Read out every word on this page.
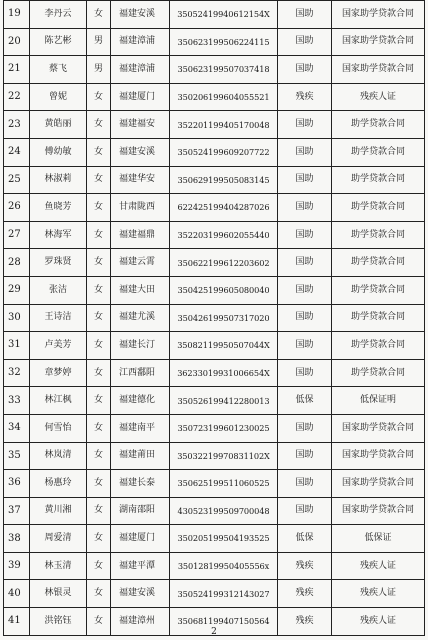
19	李丹云	女	福建安溪	35052419940612154X	国助	国家助学贷款合同
20	陈艺彬	男	福建漳浦	350623199506224115	国助	国家助学贷款合同
21	蔡飞	男	福建漳浦	350623199507037418	国助	国家助学贷款合同
22	曾妮	女	福建厦门	350206199604055521	残疾	残疾人证
23	黄皓丽	女	福建福安	352201199405170048	国助	助学贷款合同
24	傅幼敏	女	福建安溪	350524199609207722	国助	助学贷款合同
25	林淑莉	女	福建华安	350629199505083145	国助	助学贷款合同
26	鱼晓芳	女	甘肃陇西	622425199404287026	国助	助学贷款合同
27	林海军	女	福建福鼎	352203199602055440	国助	助学贷款合同
28	罗珠贤	女	福建云霄	350622199612203602	国助	助学贷款合同
29	张洁	女	福建大田	350425199605080040	国助	助学贷款合同
30	王诗洁	女	福建尤溪	350426199507317020	国助	助学贷款合同
31	卢美芳	女	福建长汀	35082119950507044X	国助	助学贷款合同
32	章梦婷	女	江西鄱阳	36233019931006654X	国助	助学贷款合同
33	林江枫	女	福建德化	350526199412280013	低保	低保证明
34	何雪怡	女	福建南平	350723199601230025	国助	国家助学贷款合同
35	林岚清	女	福建莆田	35032219970831102X	国助	国家助学贷款合同
36	杨惠玲	女	福建长泰	350625199511060525	国助	国家助学贷款合同
37	黄川湘	女	湖南邵阳	430523199509700048	国助	国家助学贷款合同
38	周爱清	女	福建厦门	350205199504193525	低保	低保证
39	林玉清	女	福建平潭	35012819950405556x	残疾	残疾人证
40	林银灵	女	福建安溪	350524199312143027	残疾	残疾人证
41	洪铭钰	女	福建漳州	350681199407150564	残疾	残疾人证
2
